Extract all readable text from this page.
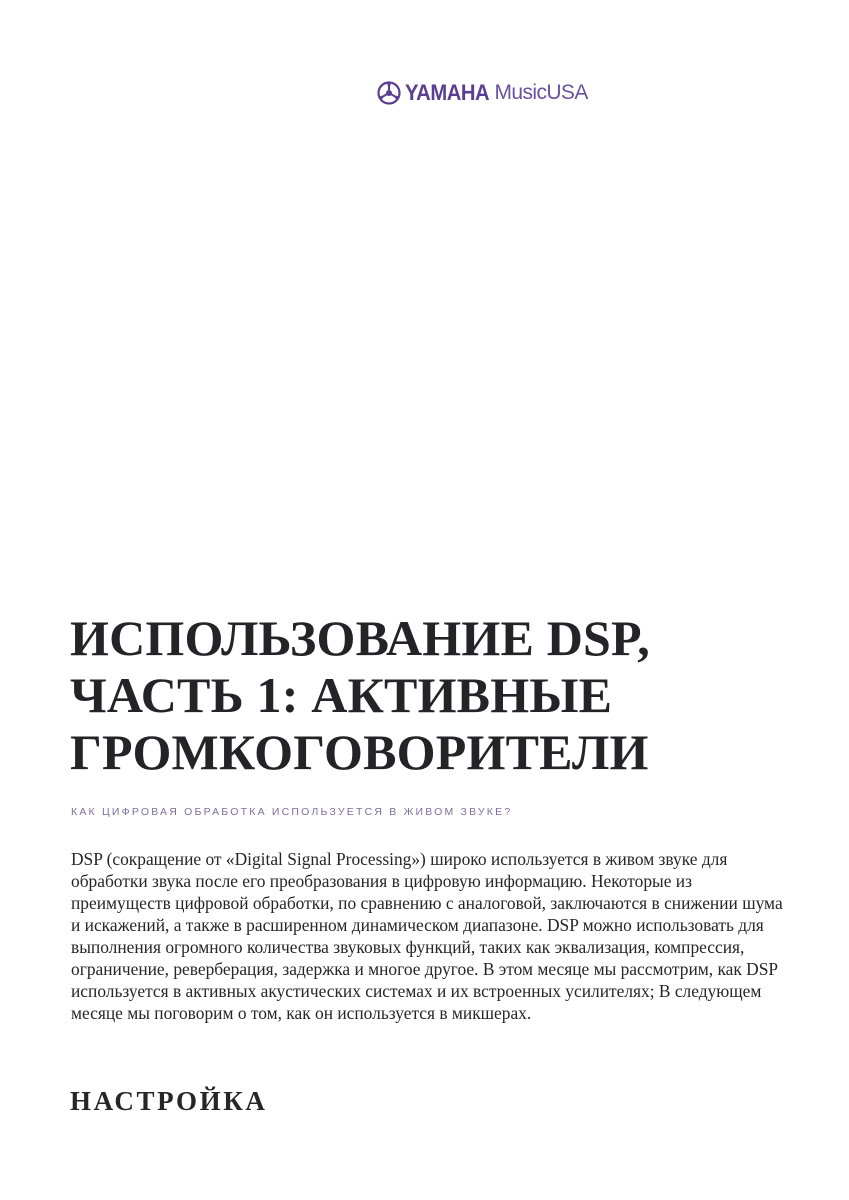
YAMAHA MusicUSA
ИСПОЛЬЗОВАНИЕ DSP, ЧАСТЬ 1: АКТИВНЫЕ ГРОМКОГОВОРИТЕЛИ

КАК ЦИФРОВАЯ ОБРАБОТКА ИСПОЛЬЗУЕТСЯ В ЖИВОМ ЗВУКЕ?

DSP (сокращение от «Digital Signal Processing») широко используется в живом звуке для обработки звука после его преобразования в цифровую информацию. Некоторые из преимуществ цифровой обработки, по сравнению с аналоговой, заключаются в снижении шума и искажений, а также в расширенном динамическом диапазоне. DSP можно использовать для выполнения огромного количества звуковых функций, таких как эквализация, компрессия, ограничение, реверберация, задержка и многое другое. В этом месяце мы рассмотрим, как DSP используется в активных акустических системах и их встроенных усилителях; В следующем месяце мы поговорим о том, как он используется в микшерах.

НАСТРОЙКА
